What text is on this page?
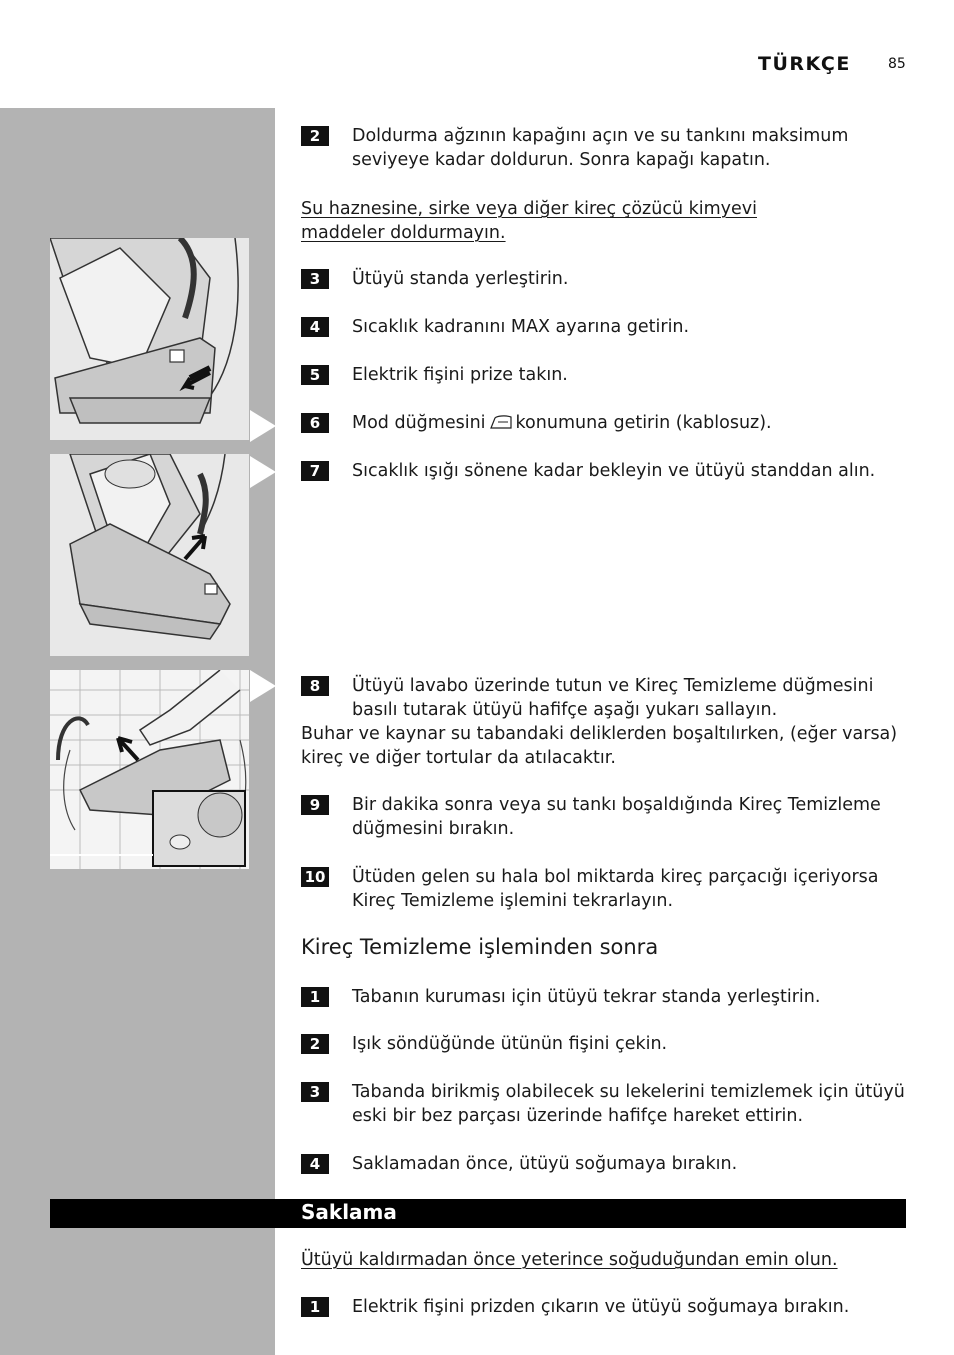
TÜRKÇE	85
2	Doldurma ağzının kapağını açın ve su tankını maksimum seviyeye kadar doldurun. Sonra kapağı kapatın.
Su haznesine, sirke veya diğer kireç çözücü kimyevi maddeler doldurmayın.
3	Ütüyü standa yerleştirin.
4	Sıcaklık kadranını MAX ayarına getirin.
5	Elektrik fişini prize takın.
6	Mod düğmesini konumuna getirin (kablosuz).
7	Sıcaklık ışığı sönene kadar bekleyin ve ütüyü standdan alın.
8	Ütüyü lavabo üzerinde tutun ve Kireç Temizleme düğmesini basılı tutarak ütüyü hafifçe aşağı yukarı sallayın.
Buhar ve kaynar su tabandaki deliklerden boşaltılırken, (eğer varsa) kireç ve diğer tortular da atılacaktır.
9	Bir dakika sonra veya su tankı boşaldığında Kireç Temizleme düğmesini bırakın.
10 Ütüden gelen su hala bol miktarda kireç parçacığı içeriyorsa Kireç Temizleme işlemini tekrarlayın.
Kireç Temizleme işleminden sonra
1	Tabanın kuruması için ütüyü tekrar standa yerleştirin.
2	Işık söndüğünde ütünün fişini çekin.
3	Tabanda birikmiş olabilecek su lekelerini temizlemek için ütüyü eski bir bez parçası üzerinde hafifçe hareket ettirin.
4	Saklamadan önce, ütüyü soğumaya bırakın.
Saklama
Ütüyü kaldırmadan önce yeterince soğuduğundan emin olun.
1	Elektrik fişini prizden çıkarın ve ütüyü soğumaya bırakın.
